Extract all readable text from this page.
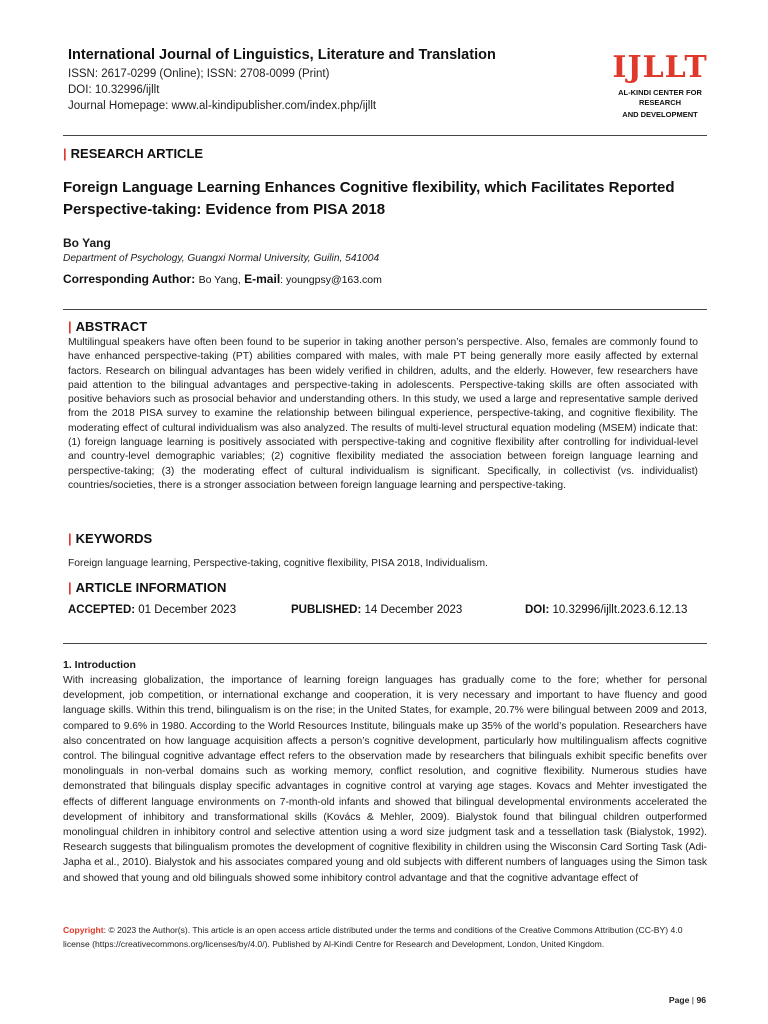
International Journal of Linguistics, Literature and Translation
ISSN: 2617-0299 (Online); ISSN: 2708-0099 (Print)
DOI: 10.32996/ijllt
Journal Homepage: www.al-kindipublisher.com/index.php/ijllt
IJLLT
AL-KINDI CENTER FOR RESEARCH
AND DEVELOPMENT
| RESEARCH ARTICLE
Foreign Language Learning Enhances Cognitive flexibility, which Facilitates Reported Perspective-taking: Evidence from PISA 2018
Bo Yang
Department of Psychology, Guangxi Normal University, Guilin, 541004
Corresponding Author: Bo Yang, E-mail: youngpsy@163.com
| ABSTRACT
Multilingual speakers have often been found to be superior in taking another person’s perspective. Also, females are commonly found to have enhanced perspective-taking (PT) abilities compared with males, with male PT being generally more easily affected by external factors. Research on bilingual advantages has been widely verified in children, adults, and the elderly. However, few researchers have paid attention to the bilingual advantages and perspective-taking in adolescents. Perspective-taking skills are often associated with positive behaviors such as prosocial behavior and understanding others. In this study, we used a large and representative sample derived from the 2018 PISA survey to examine the relationship between bilingual experience, perspective-taking, and cognitive flexibility. The moderating effect of cultural individualism was also analyzed. The results of multi-level structural equation modeling (MSEM) indicate that: (1) foreign language learning is positively associated with perspective-taking and cognitive flexibility after controlling for individual-level and country-level demographic variables; (2) cognitive flexibility mediated the association between foreign language learning and perspective-taking; (3) the moderating effect of cultural individualism is significant. Specifically, in collectivist (vs. individualist) countries/societies, there is a stronger association between foreign language learning and perspective-taking.
| KEYWORDS
Foreign language learning, Perspective-taking, cognitive flexibility, PISA 2018, Individualism.
| ARTICLE INFORMATION
ACCEPTED: 01 December 2023	PUBLISHED: 14 December 2023	DOI: 10.32996/ijllt.2023.6.12.13
1. Introduction
With increasing globalization, the importance of learning foreign languages has gradually come to the fore; whether for personal development, job competition, or international exchange and cooperation, it is very necessary and important to have fluency and good language skills. Within this trend, bilingualism is on the rise; in the United States, for example, 20.7% were bilingual between 2009 and 2013, compared to 9.6% in 1980. According to the World Resources Institute, bilinguals make up 35% of the world’s population. Researchers have also concentrated on how language acquisition affects a person’s cognitive development, particularly how multilingualism affects cognitive control. The bilingual cognitive advantage effect refers to the observation made by researchers that bilinguals exhibit specific benefits over monolinguals in non-verbal domains such as working memory, conflict resolution, and cognitive flexibility. Numerous studies have demonstrated that bilinguals display specific advantages in cognitive control at varying age stages. Kovacs and Mehter investigated the effects of different language environments on 7-month-old infants and showed that bilingual developmental environments accelerated the development of inhibitory and transformational skills (Kovács & Mehler, 2009). Bialystok found that bilingual children outperformed monolingual children in inhibitory control and selective attention using a word size judgment task and a tessellation task (Bialystok, 1992). Research suggests that bilingualism promotes the development of cognitive flexibility in children using the Wisconsin Card Sorting Task (Adi-Japha et al., 2010). Bialystok and his associates compared young and old subjects with different numbers of languages using the Simon task and showed that young and old bilinguals showed some inhibitory control advantage and that the cognitive advantage effect of
Copyright: © 2023 the Author(s). This article is an open access article distributed under the terms and conditions of the Creative Commons Attribution (CC-BY) 4.0 license (https://creativecommons.org/licenses/by/4.0/). Published by Al-Kindi Centre for Research and Development, London, United Kingdom.
Page | 96
